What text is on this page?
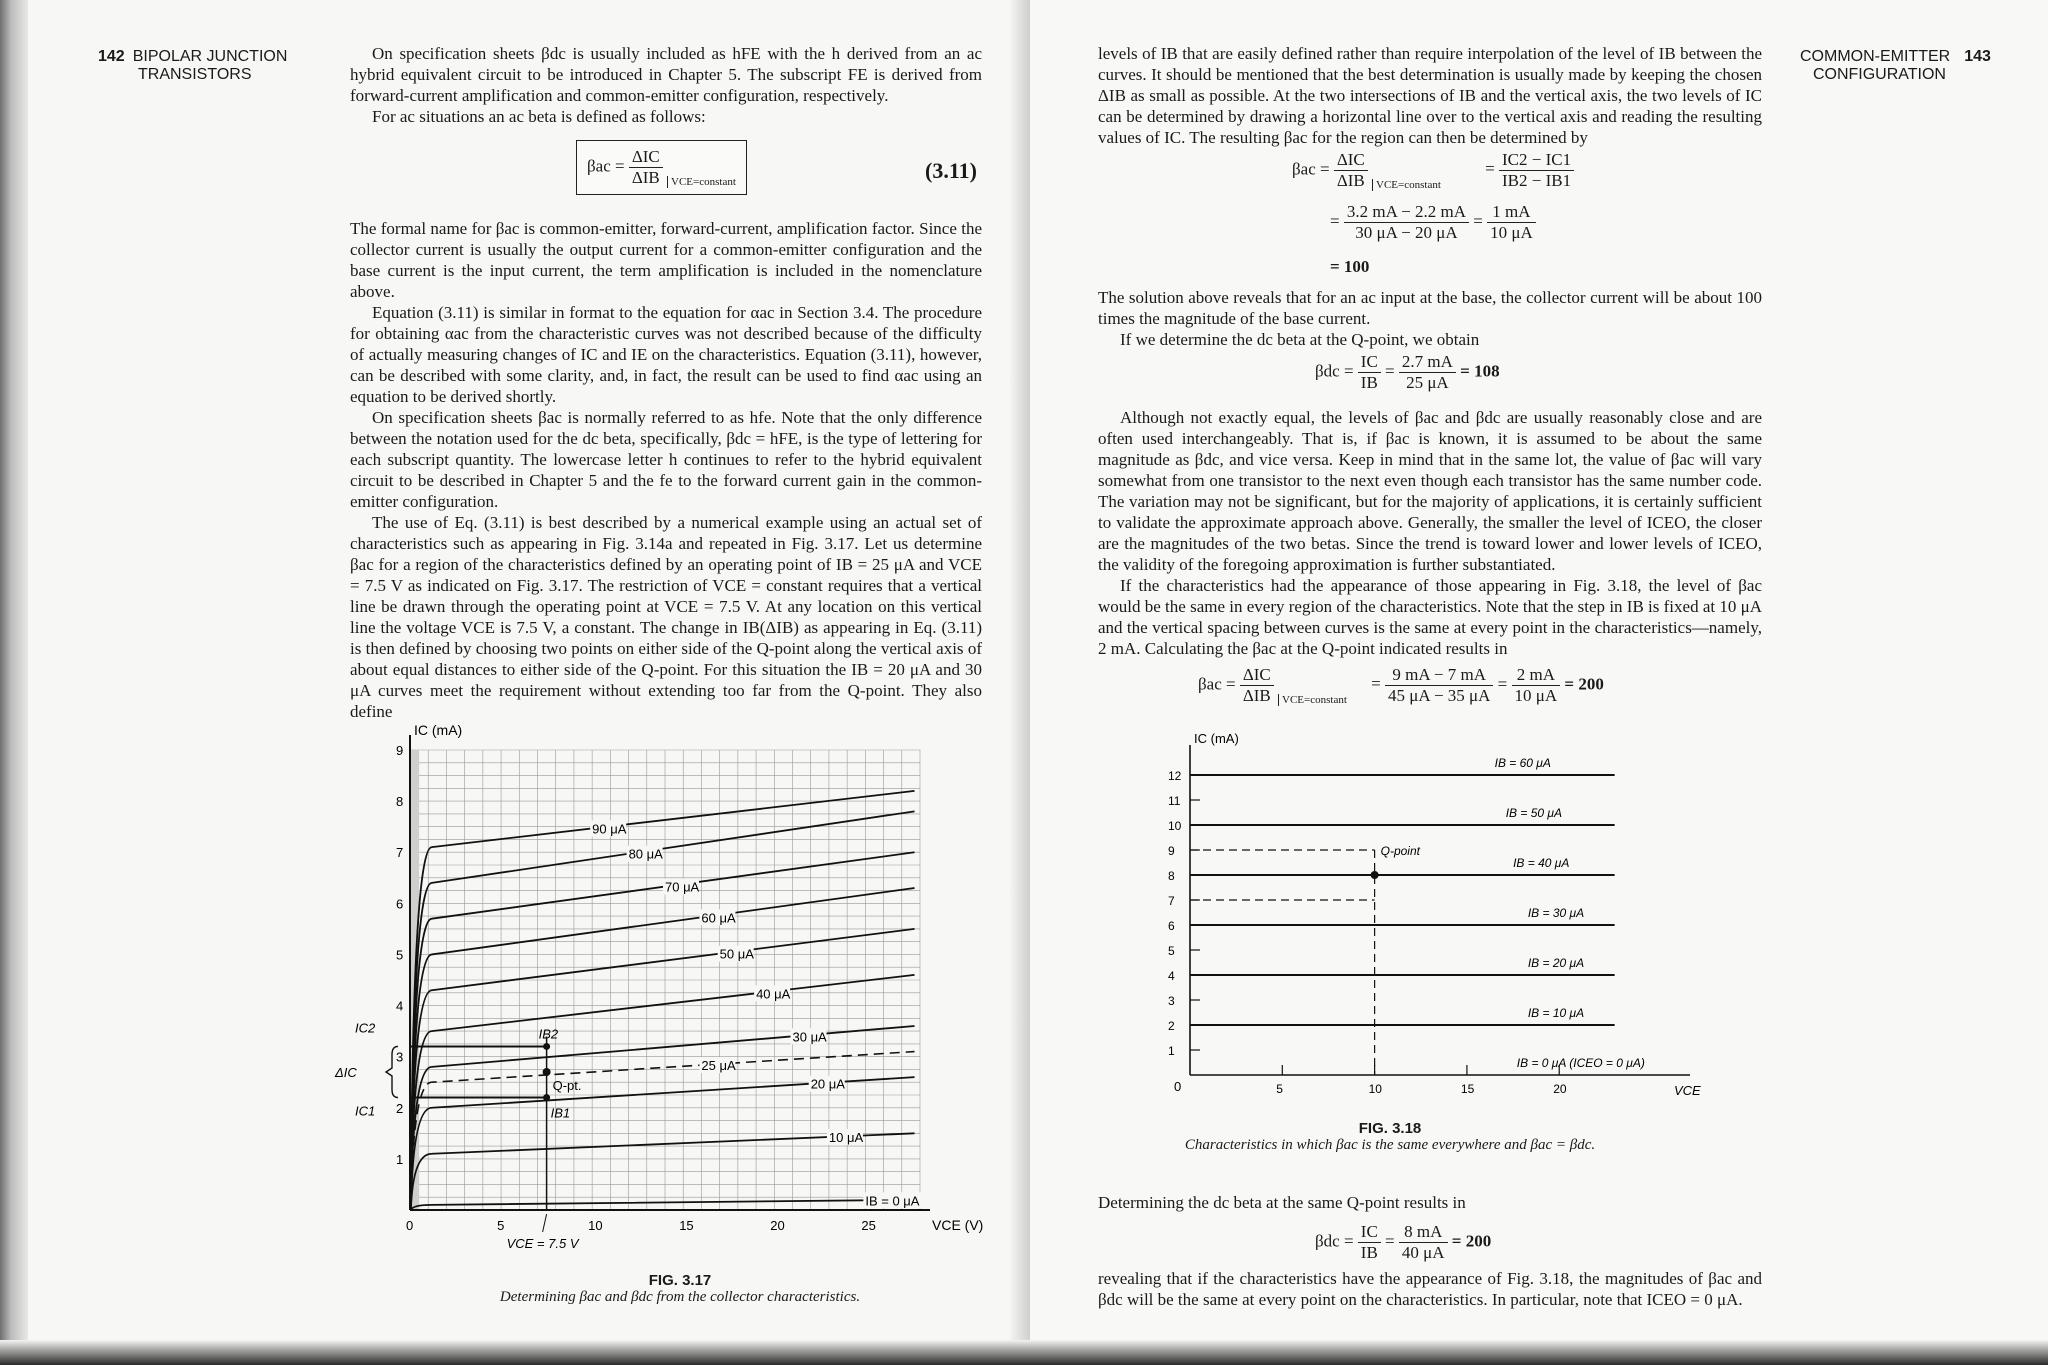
142 BIPOLAR JUNCTION
TRANSISTORS

On specification sheets βdc is usually included as hFE with the h derived from an ac hybrid equivalent circuit to be introduced in Chapter 5. The subscript FE is derived from forward-current amplification and common-emitter configuration, respectively.

For ac situations an ac beta is defined as follows:

$\beta ac = \frac{\text{ΔIC}}{\text{ΔIB}} _{VCE=constant}$	(3.11)

The formal name for βac is common-emitter, forward-current, amplification factor. Since the collector current is usually the output current for a common-emitter configuration and the base current is the input current, the term amplification is included in the nomenclature above.

Equation (3.11) is similar in format to the equation for αac in Section 3.4. The procedure for obtaining αac from the characteristic curves was not described because of the difficulty of actually measuring changes of IC and IE on the characteristics. Equation (3.11), however, can be described with some clarity, and, in fact, the result can be used to find αac using an equation to be derived shortly.

On specification sheets βac is normally referred to as hfe. Note that the only difference between the notation used for the dc beta, specifically, βdc = hFE, is the type of lettering for each subscript quantity. The lowercase letter h continues to refer to the hybrid equivalent circuit to be described in Chapter 5 and the fe to the forward current gain in the common-emitter configuration.

The use of Eq. (3.11) is best described by a numerical example using an actual set of characteristics such as appearing in Fig. 3.14a and repeated in Fig. 3.17. Let us determine βac for a region of the characteristics defined by an operating point of IB = 25 μA and VCE = 7.5 V as indicated on Fig. 3.17. The restriction of VCE = constant requires that a vertical line be drawn through the operating point at VCE = 7.5 V. At any location on this vertical line the voltage VCE is 7.5 V, a constant. The change in IB(ΔIB) as appearing in Eq. (3.11) is then defined by choosing two points on either side of the Q-point along the vertical axis of about equal distances to either side of the Q-point. For this situation the IB = 20 μA and 30 μA curves meet the requirement without extending too far from the Q-point. They also define

IC (mA)
VCE (V)
1
2
3
4
5
6
7
8
9
0	5	10	15	20	25
90 μA
80 μA
70 μA
60 μA
50 μA
40 μA
30 μA
25 μA
20 μA
10 μA
IB = 0 μA
Q-pt.
IB2
IB1
VCE = 7.5 V
IC2
IC1
ΔIC
FIG. 3.17
Determining βac and βdc from the collector characteristics.
COMMON-EMITTER 143
CONFIGURATION

levels of IB that are easily defined rather than require interpolation of the level of IB between the curves. It should be mentioned that the best determination is usually made by keeping the chosen ΔIB as small as possible. At the two intersections of IB and the vertical axis, the two levels of IC can be determined by drawing a horizontal line over to the vertical axis and reading the resulting values of IC. The resulting βac for the region can then be determined by

$\beta ac = \frac{\text{ΔIC}}{\text{ΔIB}} _{VCE=constant} = \frac{IC2 - IC1}{IB2 - IB1}$
= $\frac{3.2 mA - 2.2 mA}{30 \mu A - 20 \mu A} = \frac{1 mA}{10 \mu A}$
= 100

The solution above reveals that for an ac input at the base, the collector current will be about 100 times the magnitude of the base current.

If we determine the dc beta at the Q-point, we obtain

$\beta dc = \frac{IC}{IB} = \frac{2.7 mA}{25 \mu A} = 108$

Although not exactly equal, the levels of βac and βdc are usually reasonably close and are often used interchangeably. That is, if βac is known, it is assumed to be about the same magnitude as βdc, and vice versa. Keep in mind that in the same lot, the value of βac will vary somewhat from one transistor to the next even though each transistor has the same number code. The variation may not be significant, but for the majority of applications, it is certainly sufficient to validate the approximate approach above. Generally, the smaller the level of ICEO, the closer are the magnitudes of the two betas. Since the trend is toward lower and lower levels of ICEO, the validity of the foregoing approximation is further substantiated.

If the characteristics had the appearance of those appearing in Fig. 3.18, the level of βac would be the same in every region of the characteristics. Note that the step in IB is fixed at 10 μA and the vertical spacing between curves is the same at every point in the characteristics—namely, 2 mA. Calculating the βac at the Q-point indicated results in

$\beta ac = \frac{\text{ΔIC}}{\text{ΔIB}} _{VCE=constant} = \frac{9 mA - 7 mA}{45 \mu A - 35 \mu A} = \frac{2 mA}{10 \mu A} = 200$
IC (mA)
VCE
0
1
2
3
4
5
6
7
8
9
10
11
12
5	10	15	20
IB = 60 μA
IB = 50 μA
IB = 40 μA
IB = 30 μA
IB = 20 μA
IB = 10 μA
IB = 0 μA (ICEO = 0 μA)
Q-point
FIG. 3.18
Characteristics in which βac is the same everywhere and βac = βdc.

Determining the dc beta at the same Q-point results in

$\beta dc = \frac{IC}{IB} = \frac{8 mA}{40 \mu A} = 200$

revealing that if the characteristics have the appearance of Fig. 3.18, the magnitudes of βac and βdc will be the same at every point on the characteristics. In particular, note that ICEO = 0 μA.
